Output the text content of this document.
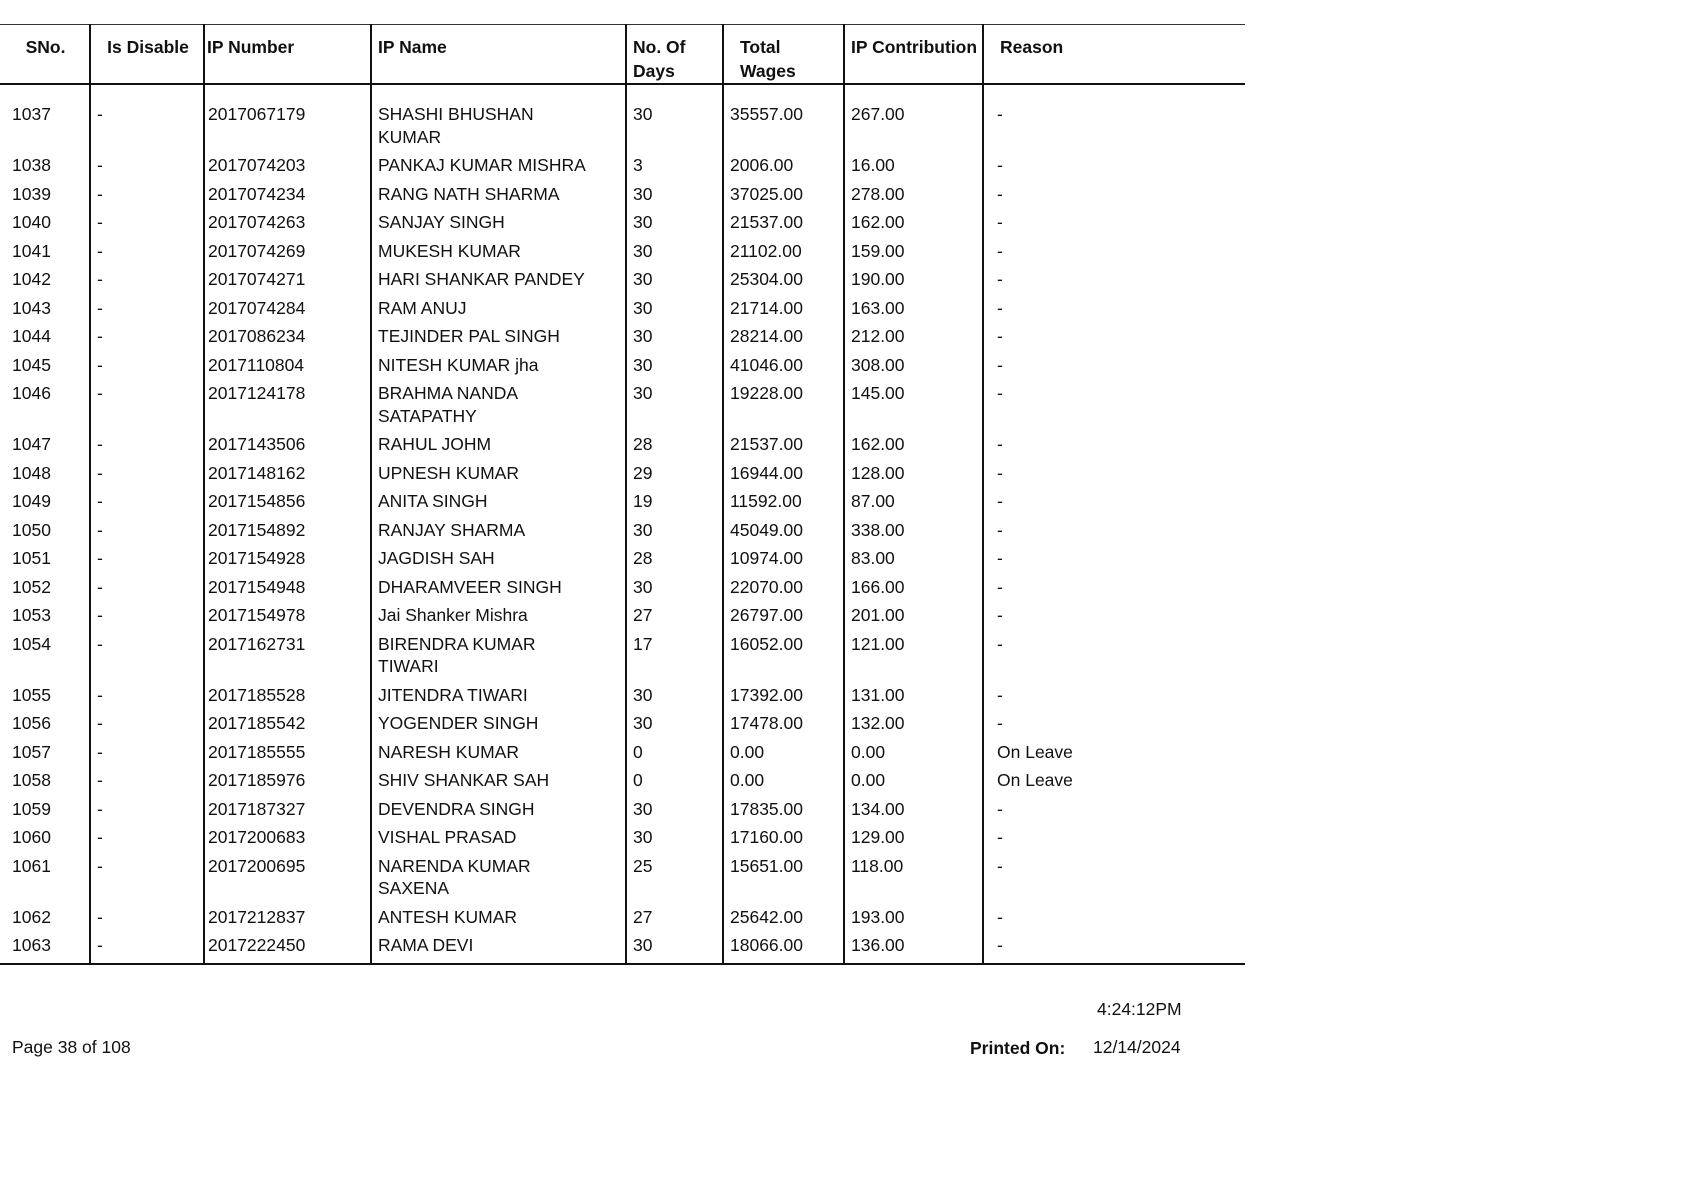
SNo.	Is Disable	IP Number	IP Name	No. Of Days	Total Wages	IP Contribution	Reason
1037	-	2017067179	SHASHI BHUSHAN KUMAR	30	35557.00	267.00	-
1038	-	2017074203	PANKAJ KUMAR MISHRA	3	2006.00	16.00	-
1039	-	2017074234	RANG NATH SHARMA	30	37025.00	278.00	-
1040	-	2017074263	SANJAY SINGH	30	21537.00	162.00	-
1041	-	2017074269	MUKESH KUMAR	30	21102.00	159.00	-
1042	-	2017074271	HARI SHANKAR PANDEY	30	25304.00	190.00	-
1043	-	2017074284	RAM ANUJ	30	21714.00	163.00	-
1044	-	2017086234	TEJINDER PAL SINGH	30	28214.00	212.00	-
1045	-	2017110804	NITESH KUMAR jha	30	41046.00	308.00	-
1046	-	2017124178	BRAHMA NANDA SATAPATHY	30	19228.00	145.00	-
1047	-	2017143506	RAHUL JOHM	28	21537.00	162.00	-
1048	-	2017148162	UPNESH KUMAR	29	16944.00	128.00	-
1049	-	2017154856	ANITA SINGH	19	11592.00	87.00	-
1050	-	2017154892	RANJAY SHARMA	30	45049.00	338.00	-
1051	-	2017154928	JAGDISH SAH	28	10974.00	83.00	-
1052	-	2017154948	DHARAMVEER SINGH	30	22070.00	166.00	-
1053	-	2017154978	Jai Shanker Mishra	27	26797.00	201.00	-
1054	-	2017162731	BIRENDRA KUMAR TIWARI	17	16052.00	121.00	-
1055	-	2017185528	JITENDRA TIWARI	30	17392.00	131.00	-
1056	-	2017185542	YOGENDER SINGH	30	17478.00	132.00	-
1057	-	2017185555	NARESH KUMAR	0	0.00	0.00	On Leave
1058	-	2017185976	SHIV SHANKAR SAH	0	0.00	0.00	On Leave
1059	-	2017187327	DEVENDRA SINGH	30	17835.00	134.00	-
1060	-	2017200683	VISHAL PRASAD	30	17160.00	129.00	-
1061	-	2017200695	NARENDA KUMAR SAXENA	25	15651.00	118.00	-
1062	-	2017212837	ANTESH KUMAR	27	25642.00	193.00	-
1063	-	2017222450	RAMA DEVI	30	18066.00	136.00	-
4:24:12PM
Page 38 of 108	Printed On: 12/14/2024
